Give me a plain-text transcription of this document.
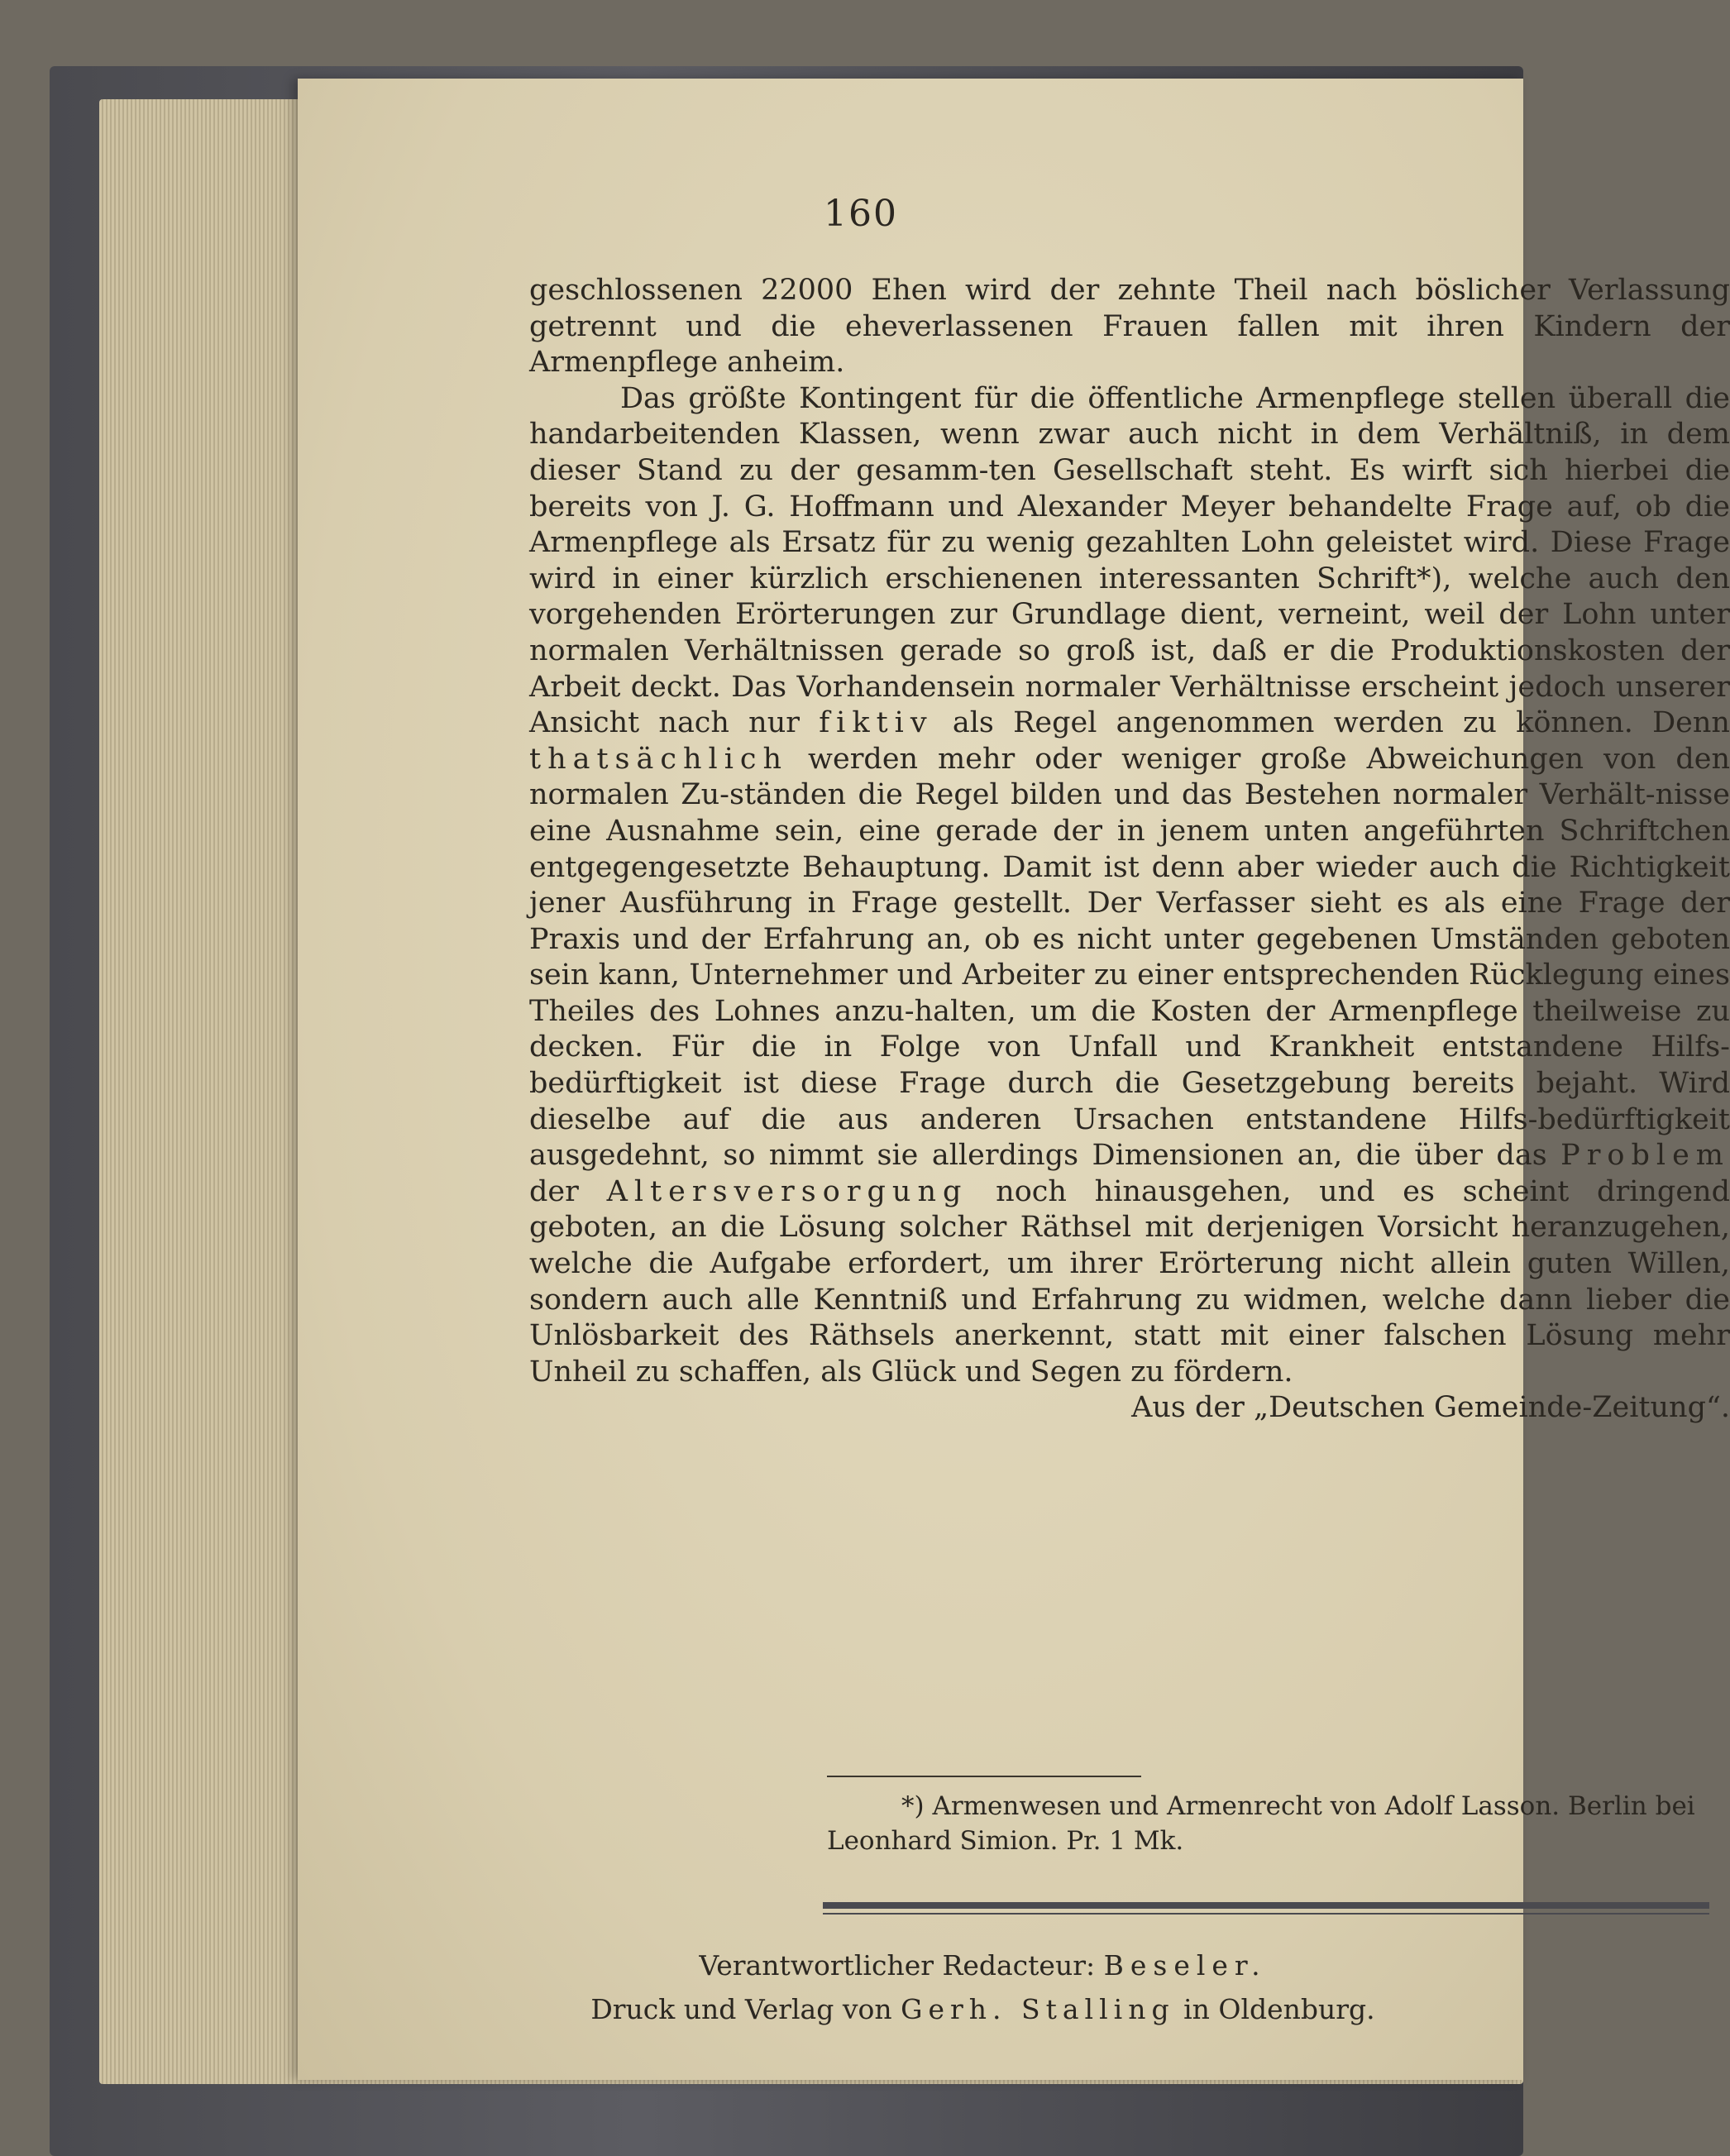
160

geschlossenen 22000 Ehen wird der zehnte Theil nach böslicher Verlassung getrennt und die eheverlassenen Frauen fallen mit ihren Kindern der Armenpflege anheim.

Das größte Kontingent für die öffentliche Armenpflege stellen überall die handarbeitenden Klassen, wenn zwar auch nicht in dem Verhältniß, in dem dieser Stand zu der gesamm-ten Gesellschaft steht. Es wirft sich hierbei die bereits von J. G. Hoffmann und Alexander Meyer behandelte Frage auf, ob die Armenpflege als Ersatz für zu wenig gezahlten Lohn geleistet wird. Diese Frage wird in einer kürzlich erschienenen interessanten Schrift*), welche auch den vorgehenden Erörterungen zur Grundlage dient, verneint, weil der Lohn unter normalen Verhältnissen gerade so groß ist, daß er die Produktionskosten der Arbeit deckt. Das Vorhandensein normaler Verhältnisse erscheint jedoch unserer Ansicht nach nur fiktiv als Regel angenommen werden zu können. Denn thatsächlich werden mehr oder weniger große Abweichungen von den normalen Zu-ständen die Regel bilden und das Bestehen normaler Verhält-nisse eine Ausnahme sein, eine gerade der in jenem unten angeführten Schriftchen entgegengesetzte Behauptung. Damit ist denn aber wieder auch die Richtigkeit jener Ausführung in Frage gestellt. Der Verfasser sieht es als eine Frage der Praxis und der Erfahrung an, ob es nicht unter gegebenen Umständen geboten sein kann, Unternehmer und Arbeiter zu einer entsprechenden Rücklegung eines Theiles des Lohnes anzu-halten, um die Kosten der Armenpflege theilweise zu decken. Für die in Folge von Unfall und Krankheit entstandene Hilfs-bedürftigkeit ist diese Frage durch die Gesetzgebung bereits bejaht. Wird dieselbe auf die aus anderen Ursachen entstandene Hilfs-bedürftigkeit ausgedehnt, so nimmt sie allerdings Dimensionen an, die über das Problem der Altersversorgung noch hinausgehen, und es scheint dringend geboten, an die Lösung solcher Räthsel mit derjenigen Vorsicht heranzugehen, welche die Aufgabe erfordert, um ihrer Erörterung nicht allein guten Willen, sondern auch alle Kenntniß und Erfahrung zu widmen, welche dann lieber die Unlösbarkeit des Räthsels anerkennt, statt mit einer falschen Lösung mehr Unheil zu schaffen, als Glück und Segen zu fördern.
Aus der „Deutschen Gemeinde-Zeitung“.

*) Armenwesen und Armenrecht von Adolf Lasson. Berlin bei
Leonhard Simion. Pr. 1 Mk.
Verantwortlicher Redacteur: Beseler.
Druck und Verlag von Gerh. Stalling in Oldenburg.
